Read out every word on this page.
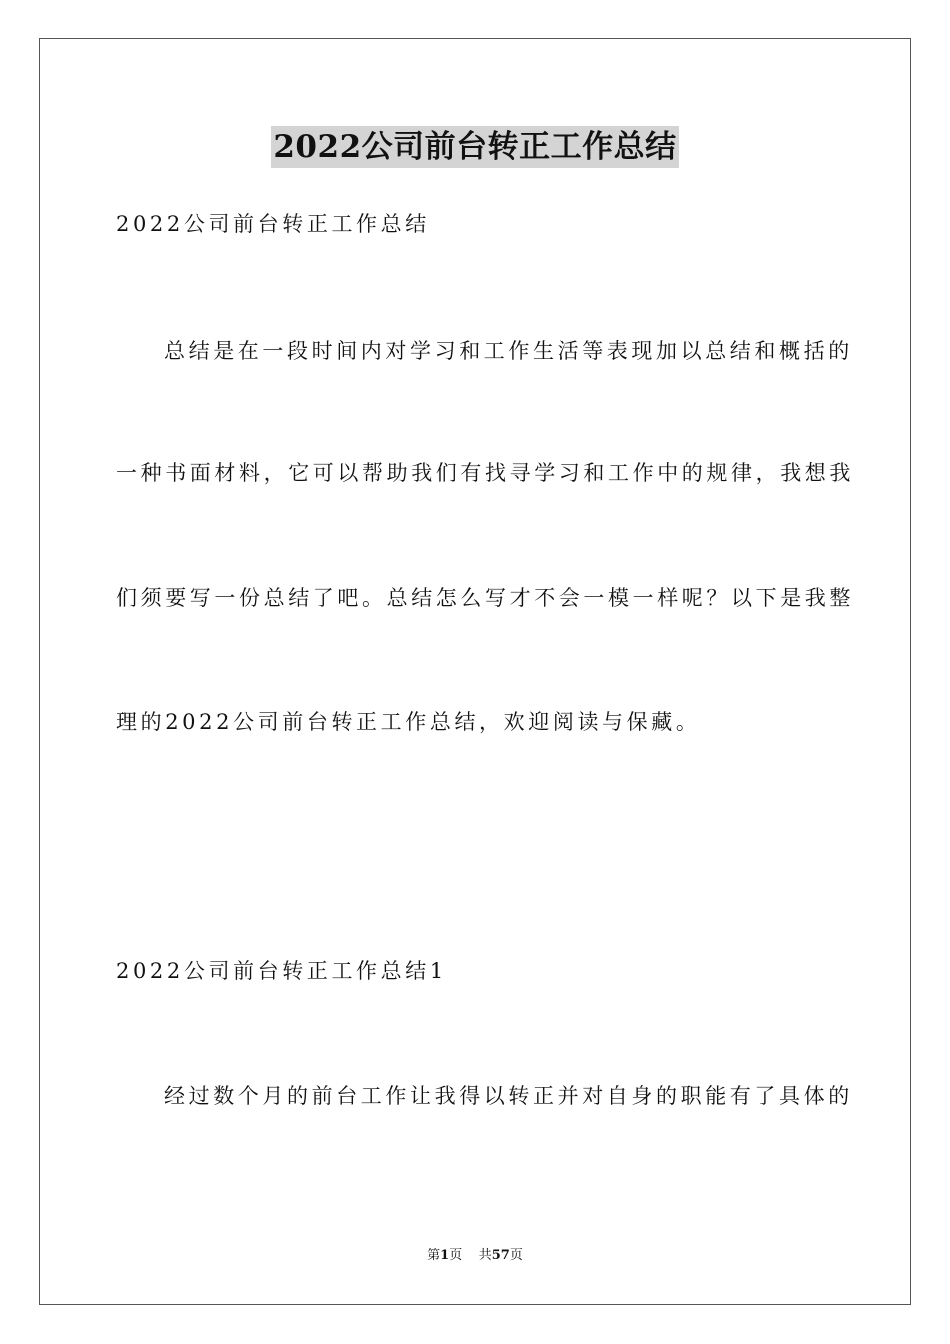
2022公司前台转正工作总结
2022公司前台转正工作总结
总结是在一段时间内对学习和工作生活等表现加以总结和概括的
一种书面材料，它可以帮助我们有找寻学习和工作中的规律，我想我
们须要写一份总结了吧。总结怎么写才不会一模一样呢？以下是我整
理的2022公司前台转正工作总结，欢迎阅读与保藏。
2022公司前台转正工作总结1
经过数个月的前台工作让我得以转正并对自身的职能有了具体的
第1页 共57页
